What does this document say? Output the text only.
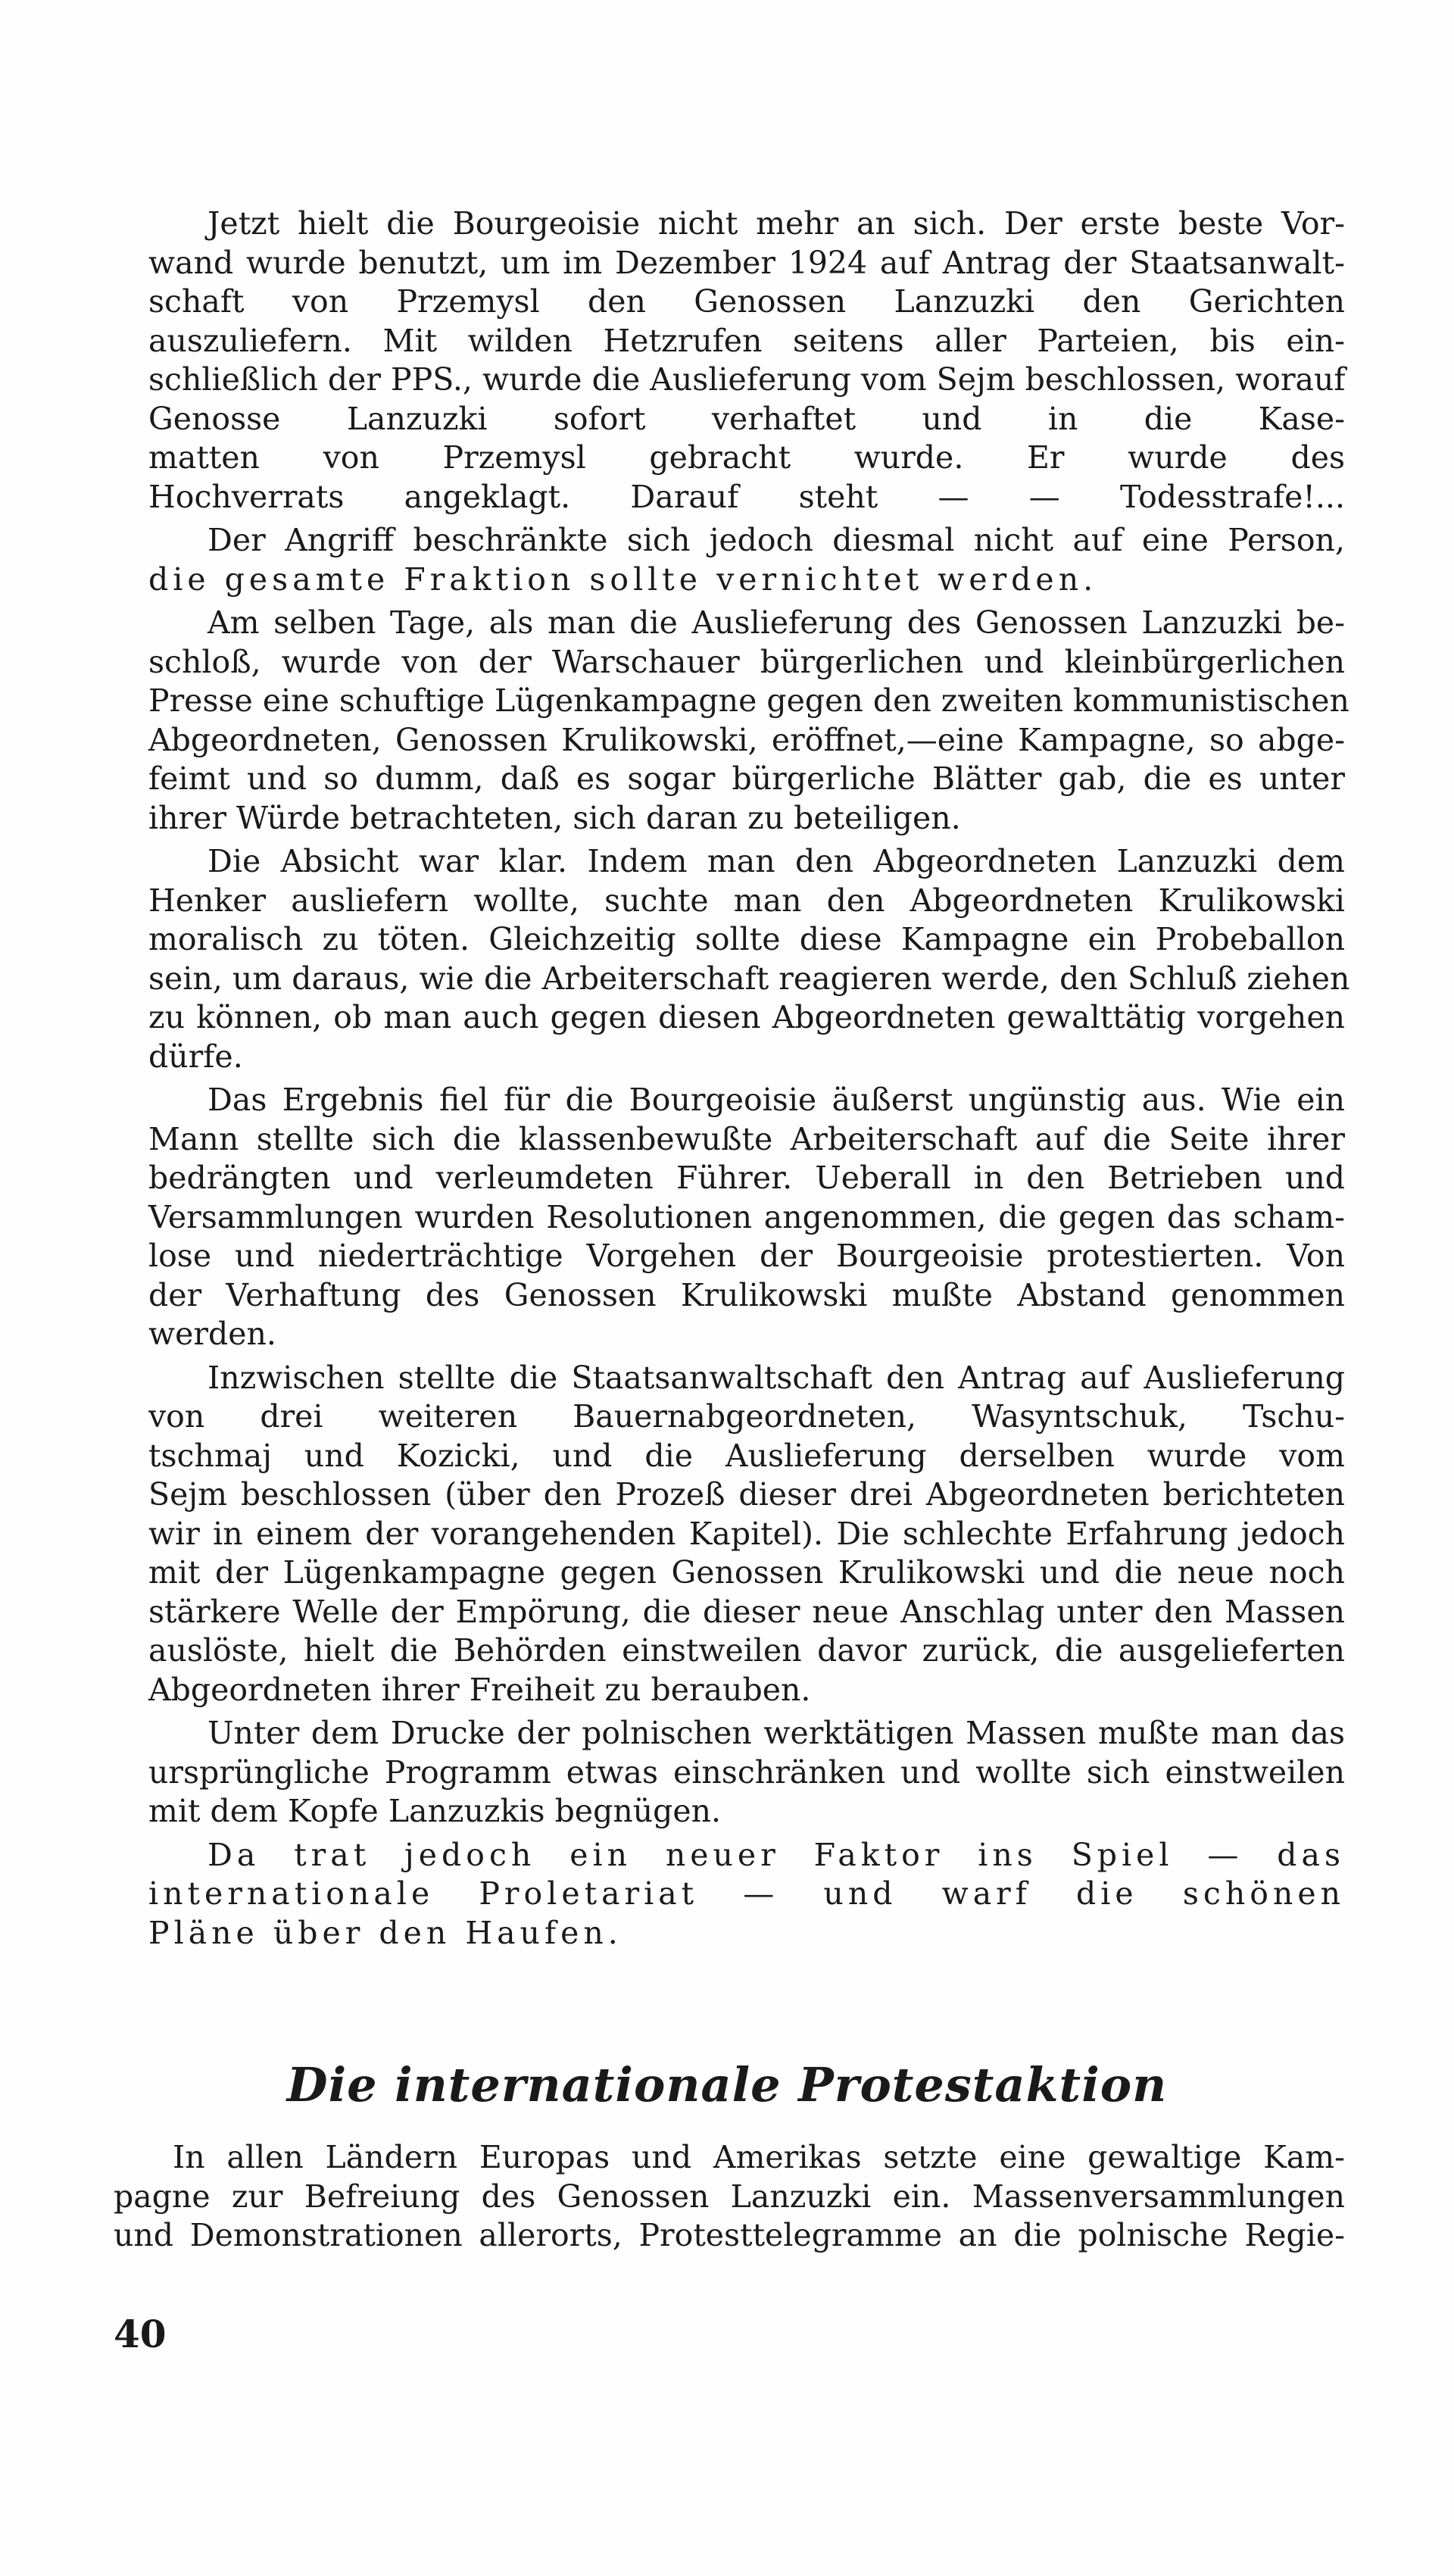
Jetzt hielt die Bourgeoisie nicht mehr an sich. Der erste beste Vor-
wand wurde benutzt, um im Dezember 1924 auf Antrag der Staatsanwalt-
schaft von Przemysl den Genossen Lanzuzki den Gerichten
auszuliefern. Mit wilden Hetzrufen seitens aller Parteien, bis ein-
schließlich der PPS., wurde die Auslieferung vom Sejm beschlossen, worauf
Genosse Lanzuzki sofort verhaftet und in die Kase-
matten von Przemysl gebracht wurde. Er wurde des
Hochverrats angeklagt. Darauf steht — — Todesstrafe!...
Der Angriff beschränkte sich jedoch diesmal nicht auf eine Person,
die gesamte Fraktion sollte vernichtet werden.
Am selben Tage, als man die Auslieferung des Genossen Lanzuzki be-
schloß, wurde von der Warschauer bürgerlichen und kleinbürgerlichen
Presse eine schuftige Lügenkampagne gegen den zweiten kommunistischen
Abgeordneten, Genossen Krulikowski, eröffnet,—eine Kampagne, so abge-
feimt und so dumm, daß es sogar bürgerliche Blätter gab, die es unter
ihrer Würde betrachteten, sich daran zu beteiligen.
Die Absicht war klar. Indem man den Abgeordneten Lanzuzki dem
Henker ausliefern wollte, suchte man den Abgeordneten Krulikowski
moralisch zu töten. Gleichzeitig sollte diese Kampagne ein Probeballon
sein, um daraus, wie die Arbeiterschaft reagieren werde, den Schluß ziehen
zu können, ob man auch gegen diesen Abgeordneten gewalttätig vorgehen
dürfe.
Das Ergebnis fiel für die Bourgeoisie äußerst ungünstig aus. Wie ein
Mann stellte sich die klassenbewußte Arbeiterschaft auf die Seite ihrer
bedrängten und verleumdeten Führer. Ueberall in den Betrieben und
Versammlungen wurden Resolutionen angenommen, die gegen das scham-
lose und niederträchtige Vorgehen der Bourgeoisie protestierten. Von
der Verhaftung des Genossen Krulikowski mußte Abstand genommen
werden.
Inzwischen stellte die Staatsanwaltschaft den Antrag auf Auslieferung
von drei weiteren Bauernabgeordneten, Wasyntschuk, Tschu-
tschmaj und Kozicki, und die Auslieferung derselben wurde vom
Sejm beschlossen (über den Prozeß dieser drei Abgeordneten berichteten
wir in einem der vorangehenden Kapitel). Die schlechte Erfahrung jedoch
mit der Lügenkampagne gegen Genossen Krulikowski und die neue noch
stärkere Welle der Empörung, die dieser neue Anschlag unter den Massen
auslöste, hielt die Behörden einstweilen davor zurück, die ausgelieferten
Abgeordneten ihrer Freiheit zu berauben.
Unter dem Drucke der polnischen werktätigen Massen mußte man das
ursprüngliche Programm etwas einschränken und wollte sich einstweilen
mit dem Kopfe Lanzuzkis begnügen.
Da trat jedoch ein neuer Faktor ins Spiel — das
internationale Proletariat — und warf die schönen
Pläne über den Haufen.
Die internationale Protestaktion
In allen Ländern Europas und Amerikas setzte eine gewaltige Kam-
pagne zur Befreiung des Genossen Lanzuzki ein. Massenversammlungen
und Demonstrationen allerorts, Protesttelegramme an die polnische Regie-
40
